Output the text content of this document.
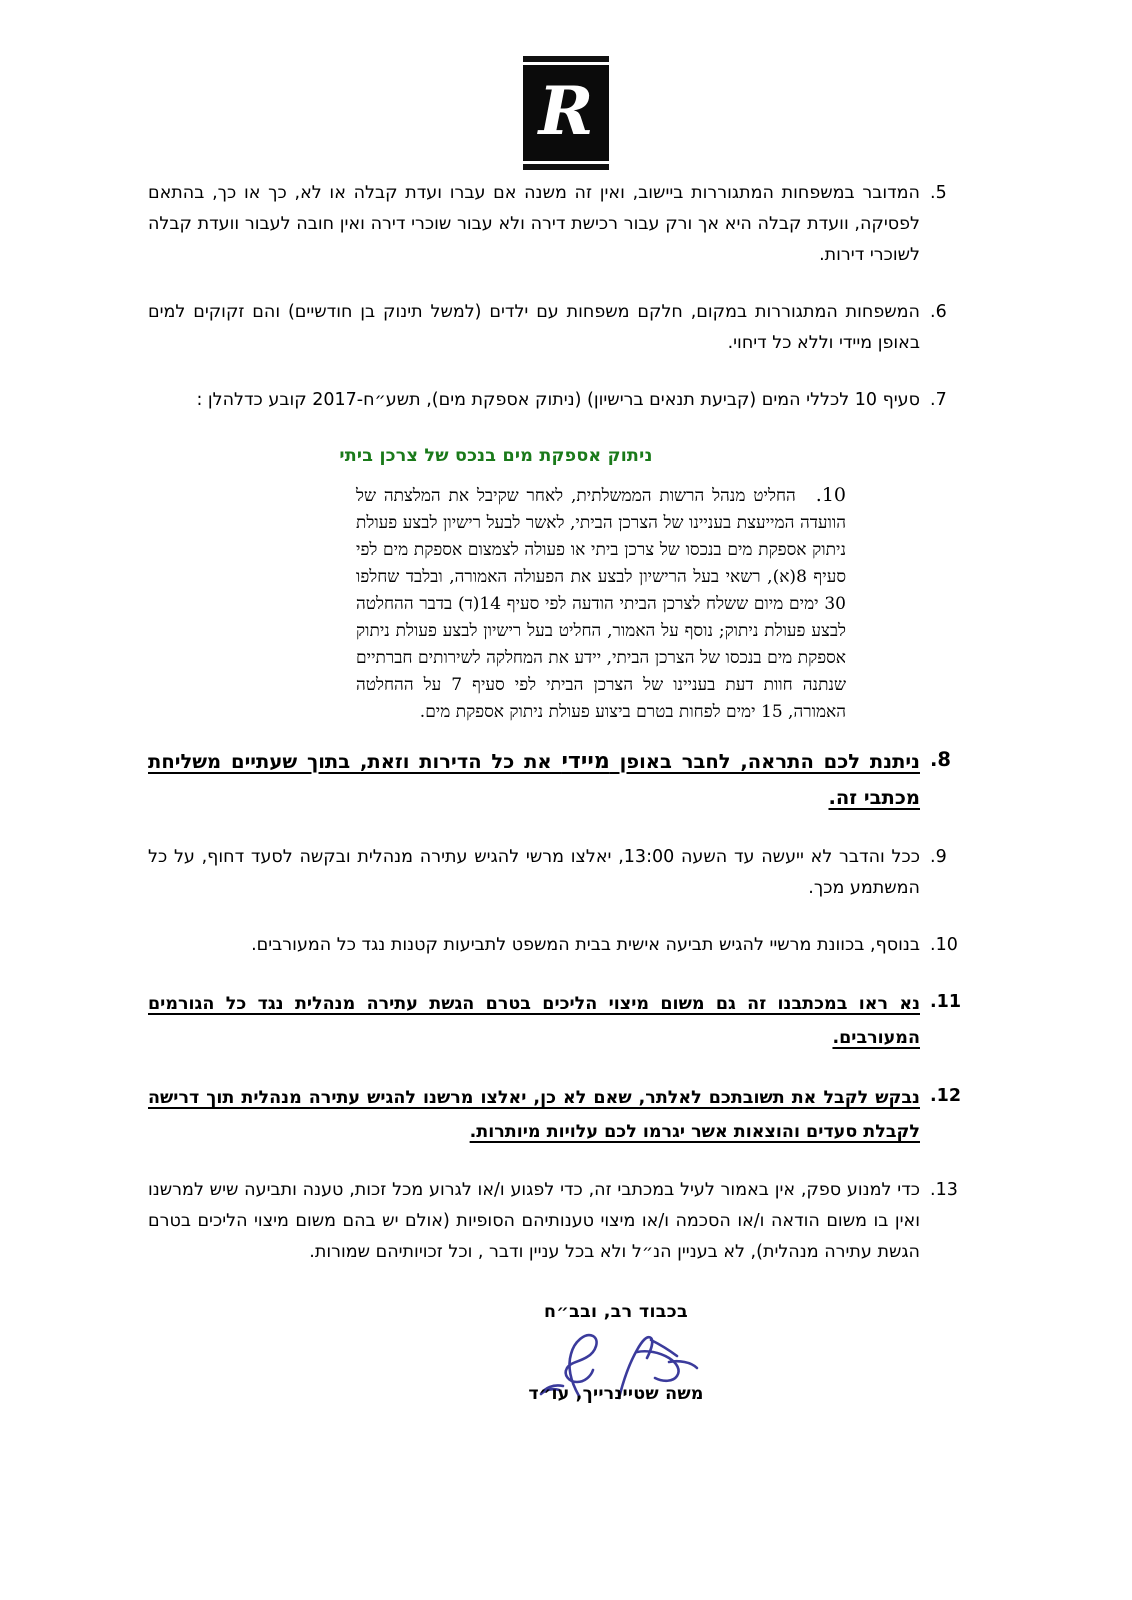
R
.5
המדובר במשפחות המתגוררות ביישוב, ואין זה משנה אם עברו ועדת קבלה או לא, כך או כך, בהתאם לפסיקה, וועדת קבלה היא אך ורק עבור רכישת דירה ולא עבור שוכרי דירה ואין חובה לעבור וועדת קבלה לשוכרי דירות.
.6
המשפחות המתגוררות במקום, חלקם משפחות עם ילדים (למשל תינוק בן חודשיים) והם זקוקים למים באופן מיידי וללא כל דיחוי.
.7
סעיף 10 לכללי המים (קביעת תנאים ברישיון) (ניתוק אספקת מים), תשע״ח-2017 קובע כדלהלן :
ניתוק אספקת מים בנכס של צרכן ביתי
.10החליט מנהל הרשות הממשלתית, לאחר שקיבל את המלצתה של הוועדה המייעצת בעניינו של הצרכן הביתי, לאשר לבעל רישיון לבצע פעולת ניתוק אספקת מים בנכסו של צרכן ביתי או פעולה לצמצום אספקת מים לפי סעיף 8(א), רשאי בעל הרישיון לבצע את הפעולה האמורה, ובלבד שחלפו 30 ימים מיום ששלח לצרכן הביתי הודעה לפי סעיף 14(ד) בדבר ההחלטה לבצע פעולת ניתוק; נוסף על האמור, החליט בעל רישיון לבצע פעולת ניתוק אספקת מים בנכסו של הצרכן הביתי, יידע את המחלקה לשירותים חברתיים שנתנה חוות דעת בעניינו של הצרכן הביתי לפי סעיף 7 על ההחלטה האמורה, 15 ימים לפחות בטרם ביצוע פעולת ניתוק אספקת מים.
.8
ניתנת לכם התראה, לחבר באופן מיידי את כל הדירות וזאת, בתוך שעתיים משליחת מכתבי זה.
.9
ככל והדבר לא ייעשה עד השעה 13:00, יאלצו מרשי להגיש עתירה מנהלית ובקשה לסעד דחוף, על כל המשתמע מכך.
.10
בנוסף, בכוונת מרשיי להגיש תביעה אישית בבית המשפט לתביעות קטנות נגד כל המעורבים.
.11
נא ראו במכתבנו זה גם משום מיצוי הליכים בטרם הגשת עתירה מנהלית נגד כל הגורמים המעורבים.
.12
נבקש לקבל את תשובתכם לאלתר, שאם לא כן, יאלצו מרשנו להגיש עתירה מנהלית תוך דרישה לקבלת סעדים והוצאות אשר יגרמו לכם עלויות מיותרות.
.13
כדי למנוע ספק, אין באמור לעיל במכתבי זה, כדי לפגוע ו/או לגרוע מכל זכות, טענה ותביעה שיש למרשנו ואין בו משום הודאה ו/או הסכמה ו/או מיצוי טענותיהם הסופיות (אולם יש בהם משום מיצוי הליכים בטרם הגשת עתירה מנהלית), לא בעניין הנ״ל ולא בכל עניין ודבר , וכל זכויותיהם שמורות.
בכבוד רב, ובב״ח
משה שטיינרייך, עו״ד
